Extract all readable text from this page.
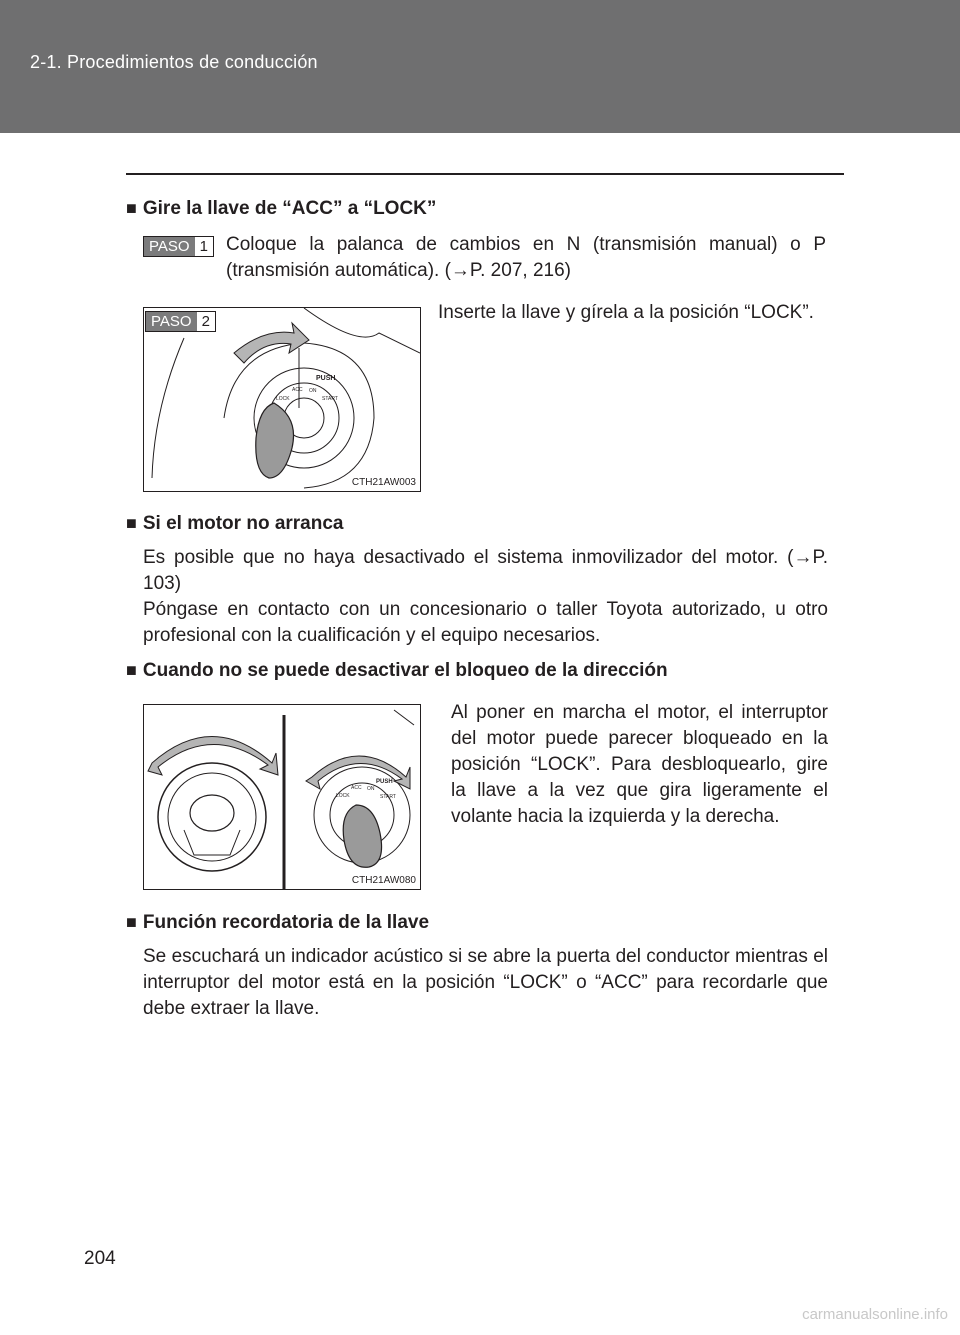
2-1. Procedimientos de conducción
■ Gire la llave de “ACC” a “LOCK”
PASO 1 Coloque la palanca de cambios en N (transmisión manual) o P (transmisión automática). (→P. 207, 216)
PUSH
LOCK
ACC ON
START
PASO 2
CTH21AW003
Inserte la llave y gírela a la posición “LOCK”.
■ Si el motor no arranca
Es posible que no haya desactivado el sistema inmovilizador del motor. (→P. 103)
Póngase en contacto con un concesionario o taller Toyota autorizado, u otro profesional con la cualificación y el equipo necesarios.
■ Cuando no se puede desactivar el bloqueo de la dirección
PUSH
LOCK
ACC ON
START
CTH21AW080
Al poner en marcha el motor, el interruptor del motor puede parecer bloqueado en la posición “LOCK”. Para desbloquearlo, gire la llave a la vez que gira ligeramente el volante hacia la izquierda y la derecha.
■ Función recordatoria de la llave
Se escuchará un indicador acústico si se abre la puerta del conductor mientras el interruptor del motor está en la posición “LOCK” o “ACC” para recordarle que debe extraer la llave.
204
carmanualsonline.info
